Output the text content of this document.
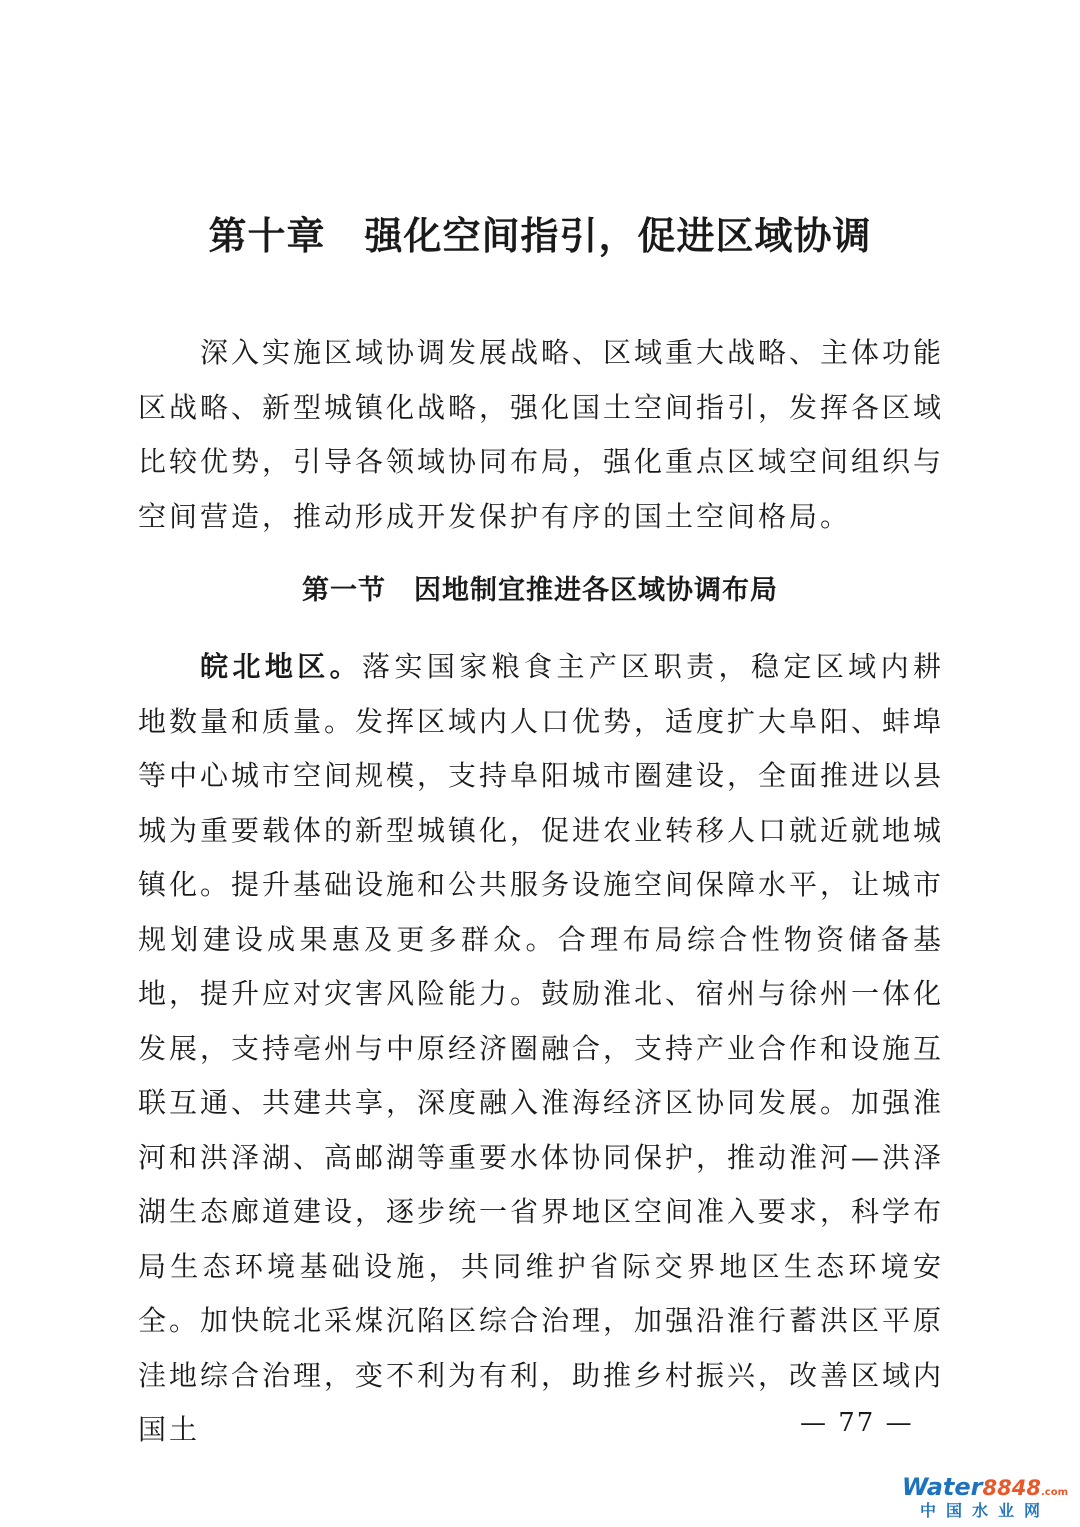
第十章　强化空间指引，促进区域协调

深入实施区域协调发展战略、区域重大战略、主体功能区战略、新型城镇化战略，强化国土空间指引，发挥各区域比较优势，引导各领域协同布局，强化重点区域空间组织与空间营造，推动形成开发保护有序的国土空间格局。

第一节　因地制宜推进各区域协调布局

皖北地区。落实国家粮食主产区职责，稳定区域内耕地数量和质量。发挥区域内人口优势，适度扩大阜阳、蚌埠等中心城市空间规模，支持阜阳城市圈建设，全面推进以县城为重要载体的新型城镇化，促进农业转移人口就近就地城镇化。提升基础设施和公共服务设施空间保障水平，让城市规划建设成果惠及更多群众。合理布局综合性物资储备基地，提升应对灾害风险能力。鼓励淮北、宿州与徐州一体化发展，支持亳州与中原经济圈融合，支持产业合作和设施互联互通、共建共享，深度融入淮海经济区协同发展。加强淮河和洪泽湖、高邮湖等重要水体协同保护，推动淮河—洪泽湖生态廊道建设，逐步统一省界地区空间准入要求，科学布局生态环境基础设施，共同维护省际交界地区生态环境安全。加快皖北采煤沉陷区综合治理，加强沿淮行蓄洪区平原洼地综合治理，变不利为有利，助推乡村振兴，改善区域内国土	— 77 —
Water8848.com
中国水业网
